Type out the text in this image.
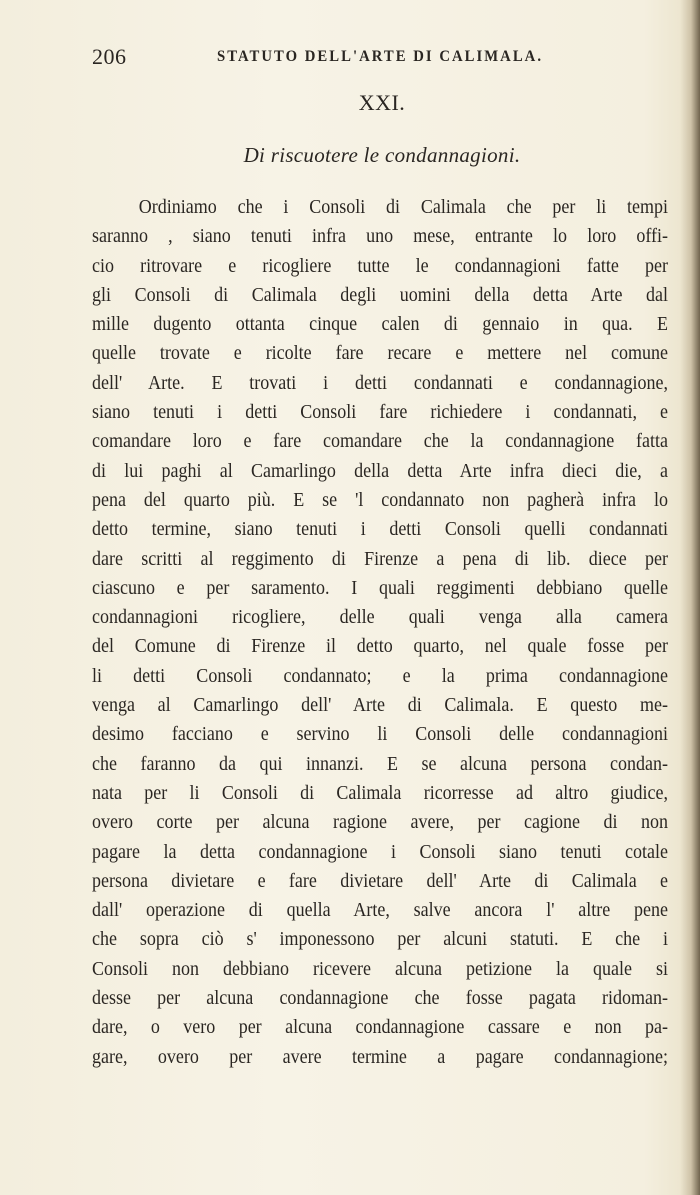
206	STATUTO DELL'ARTE DI CALIMALA.
XXI.
Di riscuotere le condannagioni.
Ordiniamo che i Consoli di Calimala che per li tempi
saranno , siano tenuti infra uno mese, entrante lo loro offi-
cio ritrovare e ricogliere tutte le condannagioni fatte per
gli Consoli di Calimala degli uomini della detta Arte dal
mille dugento ottanta cinque calen di gennaio in qua. E
quelle trovate e ricolte fare recare e mettere nel comune
dell' Arte. E trovati i detti condannati e condannagione,
siano tenuti i detti Consoli fare richiedere i condannati, e
comandare loro e fare comandare che la condannagione fatta
di lui paghi al Camarlingo della detta Arte infra dieci die, a
pena del quarto più. E se 'l condannato non pagherà infra lo
detto termine, siano tenuti i detti Consoli quelli condannati
dare scritti al reggimento di Firenze a pena di lib. diece per
ciascuno e per saramento. I quali reggimenti debbiano quelle
condannagioni ricogliere, delle quali venga alla camera
del Comune di Firenze il detto quarto, nel quale fosse per
li detti Consoli condannato; e la prima condannagione
venga al Camarlingo dell' Arte di Calimala. E questo me-
desimo facciano e servino li Consoli delle condannagioni
che faranno da qui innanzi. E se alcuna persona condan-
nata per li Consoli di Calimala ricorresse ad altro giudice,
overo corte per alcuna ragione avere, per cagione di non
pagare la detta condannagione i Consoli siano tenuti cotale
persona divietare e fare divietare dell' Arte di Calimala e
dall' operazione di quella Arte, salve ancora l' altre pene
che sopra ciò s' imponessono per alcuni statuti. E che i
Consoli non debbiano ricevere alcuna petizione la quale si
desse per alcuna condannagione che fosse pagata ridoman-
dare, o vero per alcuna condannagione cassare e non pa-
gare, overo per avere termine a pagare condannagione;
